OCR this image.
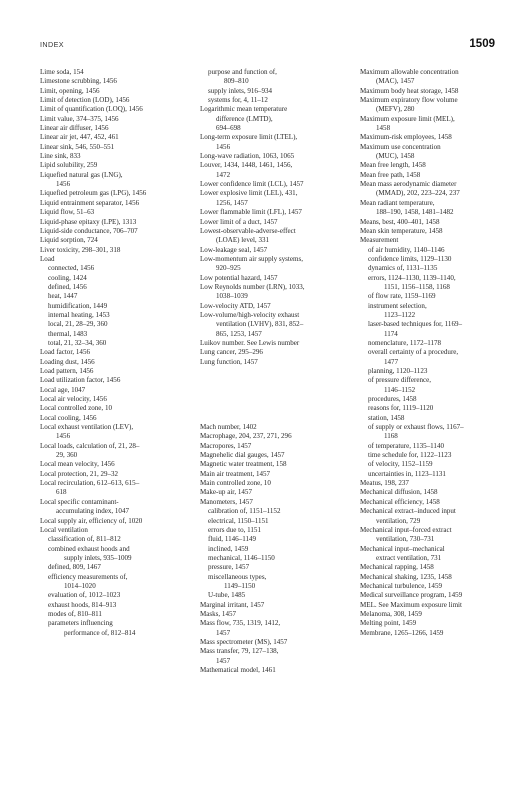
INDEX	1509
Lime soda, 154
Limestone scrubbing, 1456
Limit, opening, 1456
Limit of detection (LOD), 1456
Limit of quantification (LOQ), 1456
Limit value, 374–375, 1456
Linear air diffuser, 1456
Linear air jet, 447, 452, 461
Linear sink, 546, 550–551
Line sink, 833
Lipid solubility, 259
Liquefied natural gas (LNG),
1456
Liquefied petroleum gas (LPG), 1456
Liquid entrainment separator, 1456
Liquid flow, 51–63
Liquid-phase epitaxy (LPE), 1313
Liquid-side conductance, 706–707
Liquid sorption, 724
Liver toxicity, 298–301, 318
Load
connected, 1456
cooling, 1424
defined, 1456
heat, 1447
humidification, 1449
internal heating, 1453
local, 21, 28–29, 360
thermal, 1483
total, 21, 32–34, 360
Load factor, 1456
Loading dust, 1456
Load pattern, 1456
Load utilization factor, 1456
Local age, 1047
Local air velocity, 1456
Local controlled zone, 10
Local cooling, 1456
Local exhaust ventilation (LEV),
1456
Local loads, calculation of, 21, 28–
29, 360
Local mean velocity, 1456
Local protection, 21, 29–32
Local recirculation, 612–613, 615–
618
Local specific contaminant-
accumulating index, 1047
Local supply air, efficiency of, 1020
Local ventilation
classification of, 811–812
combined exhaust hoods and
supply inlets, 935–1009
defined, 809, 1467
efficiency measurements of,
1014–1020
evaluation of, 1012–1023
exhaust hoods, 814–913
modes of, 810–811
parameters influencing
performance of, 812–814
purpose and function of,
809–810
supply inlets, 916–934
systems for, 4, 11–12
Logarithmic mean temperature
difference (LMTD),
694–698
Long-term exposure limit (LTEL),
1456
Long-wave radiation, 1063, 1065
Louver, 1434, 1448, 1461, 1456,
1472
Lower confidence limit (LCL), 1457
Lower explosive limit (LEL), 431,
1256, 1457
Lower flammable limit (LFL), 1457
Lower limit of a duct, 1457
Lowest-observable-adverse-effect
(LOAE) level, 331
Low-leakage seal, 1457
Low-momentum air supply systems,
920–925
Low potential hazard, 1457
Low Reynolds number (LRN), 1033,
1038–1039
Low-velocity ATD, 1457
Low-volume/high-velocity exhaust
ventilation (LVHV), 831, 852–
865, 1253, 1457
Luikov number. See Lewis number
Lung cancer, 295–296
Lung function, 1457
Mach number, 1402
Macrophage, 204, 237, 271, 296
Macropores, 1457
Magnehelic dial gauges, 1457
Magnetic water treatment, 158
Main air treatment, 1457
Main controlled zone, 10
Make-up air, 1457
Manometers, 1457
calibration of, 1151–1152
electrical, 1150–1151
errors due to, 1151
fluid, 1146–1149
inclined, 1459
mechanical, 1146–1150
pressure, 1457
miscellaneous types,
1149–1150
U-tube, 1485
Marginal irritant, 1457
Masks, 1457
Mass flow, 735, 1319, 1412,
1457
Mass spectrometer (MS), 1457
Mass transfer, 79, 127–138,
1457
Mathematical model, 1461
Maximum allowable concentration
(MAC), 1457
Maximum body heat storage, 1458
Maximum expiratory flow volume
(MEFV), 280
Maximum exposure limit (MEL),
1458
Maximum-risk employees, 1458
Maximum use concentration
(MUC), 1458
Mean free length, 1458
Mean free path, 1458
Mean mass aerodynamic diameter
(MMAD), 202, 223–224, 237
Mean radiant temperature,
188–190, 1458, 1481–1482
Means, best, 400–401, 1458
Mean skin temperature, 1458
Measurement
of air humidity, 1140–1146
confidence limits, 1129–1130
dynamics of, 1131–1135
errors, 1124–1130, 1139–1140,
1151, 1156–1158, 1168
of flow rate, 1159–1169
instrument selection,
1123–1122
laser-based techniques for, 1169–
1174
nomenclature, 1172–1178
overall certainty of a procedure,
1477
planning, 1120–1123
of pressure difference,
1146–1152
procedures, 1458
reasons for, 1119–1120
station, 1458
of supply or exhaust flows, 1167–
1168
of temperature, 1135–1140
time schedule for, 1122–1123
of velocity, 1152–1159
uncertainties in, 1123–1131
Meatus, 198, 237
Mechanical diffusion, 1458
Mechanical efficiency, 1458
Mechanical extract–induced input
ventilation, 729
Mechanical input–forced extract
ventilation, 730–731
Mechanical input–mechanical
extract ventilation, 731
Mechanical rapping, 1458
Mechanical shaking, 1235, 1458
Mechanical turbulence, 1459
Medical surveillance program, 1459
MEL. See Maximum exposure limit
Melanoma, 308, 1459
Melting point, 1459
Membrane, 1265–1266, 1459
